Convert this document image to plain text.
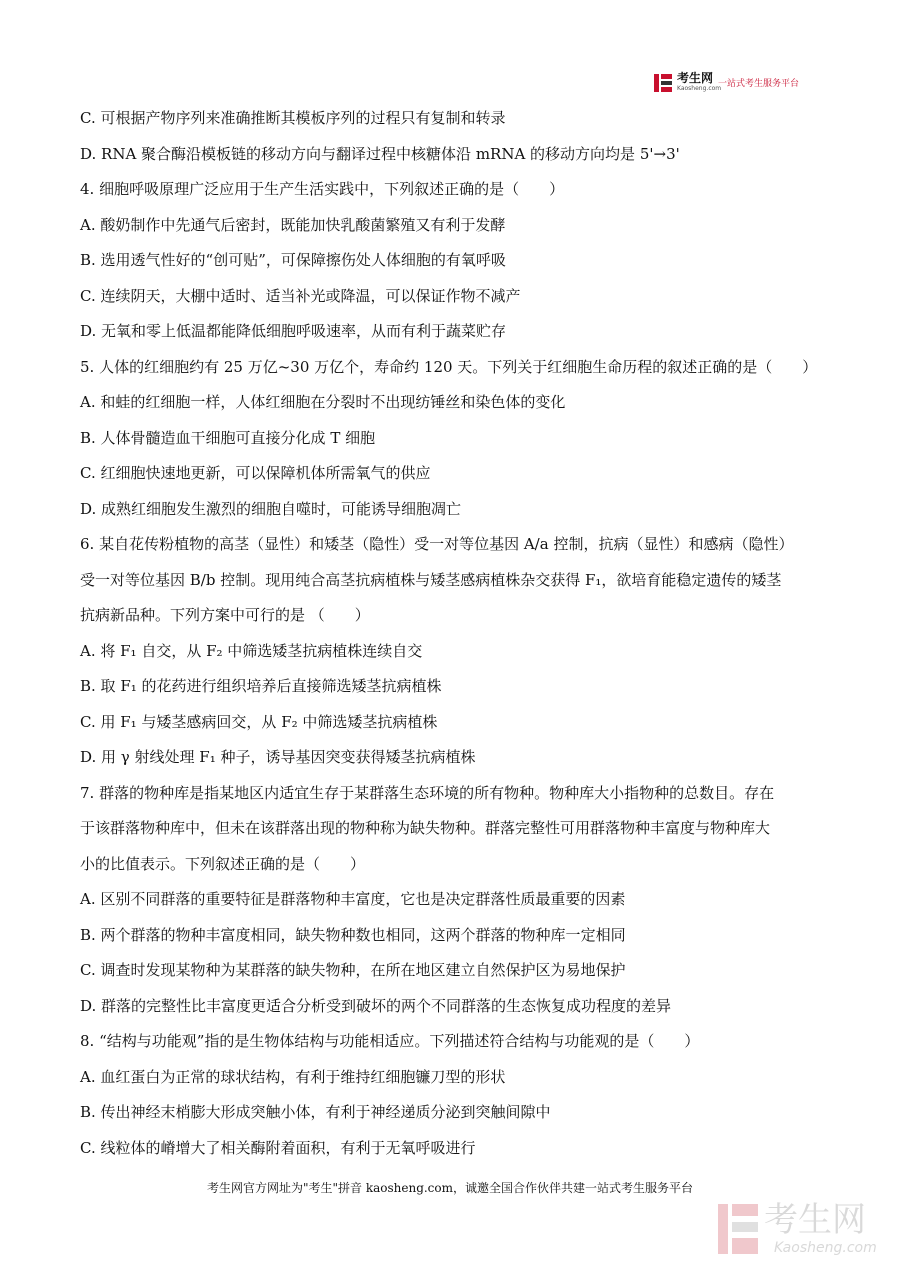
考生网
Kaosheng.com
一站式考生服务平台
C. 可根据产物序列来准确推断其模板序列的过程只有复制和转录
D. RNA 聚合酶沿模板链的移动方向与翻译过程中核糖体沿 mRNA 的移动方向均是 5'→3'
4. 细胞呼吸原理广泛应用于生产生活实践中，下列叙述正确的是（　　）
A. 酸奶制作中先通气后密封，既能加快乳酸菌繁殖又有利于发酵
B. 选用透气性好的“创可贴”，可保障擦伤处人体细胞的有氧呼吸
C. 连续阴天，大棚中适时、适当补光或降温，可以保证作物不减产
D. 无氧和零上低温都能降低细胞呼吸速率，从而有利于蔬菜贮存
5. 人体的红细胞约有 25 万亿~30 万亿个，寿命约 120 天。下列关于红细胞生命历程的叙述正确的是（　　）
A. 和蛙的红细胞一样，人体红细胞在分裂时不出现纺锤丝和染色体的变化
B. 人体骨髓造血干细胞可直接分化成 T 细胞
C. 红细胞快速地更新，可以保障机体所需氧气的供应
D. 成熟红细胞发生激烈的细胞自噬时，可能诱导细胞凋亡
6. 某自花传粉植物的高茎（显性）和矮茎（隐性）受一对等位基因 A/a 控制，抗病（显性）和感病（隐性）
受一对等位基因 B/b 控制。现用纯合高茎抗病植株与矮茎感病植株杂交获得 F₁，欲培育能稳定遗传的矮茎
抗病新品种。下列方案中可行的是 （　　）
A. 将 F₁ 自交，从 F₂ 中筛选矮茎抗病植株连续自交
B. 取 F₁ 的花药进行组织培养后直接筛选矮茎抗病植株
C. 用 F₁ 与矮茎感病回交，从 F₂ 中筛选矮茎抗病植株
D. 用 γ 射线处理 F₁ 种子，诱导基因突变获得矮茎抗病植株
7. 群落的物种库是指某地区内适宜生存于某群落生态环境的所有物种。物种库大小指物种的总数目。存在
于该群落物种库中，但未在该群落出现的物种称为缺失物种。群落完整性可用群落物种丰富度与物种库大
小的比值表示。下列叙述正确的是（　　）
A. 区别不同群落的重要特征是群落物种丰富度，它也是决定群落性质最重要的因素
B. 两个群落的物种丰富度相同，缺失物种数也相同，这两个群落的物种库一定相同
C. 调查时发现某物种为某群落的缺失物种，在所在地区建立自然保护区为易地保护
D. 群落的完整性比丰富度更适合分析受到破坏的两个不同群落的生态恢复成功程度的差异
8. “结构与功能观”指的是生物体结构与功能相适应。下列描述符合结构与功能观的是（　　）
A. 血红蛋白为正常的球状结构，有利于维持红细胞镰刀型的形状
B. 传出神经末梢膨大形成突触小体，有利于神经递质分泌到突触间隙中
C. 线粒体的嵴增大了相关酶附着面积，有利于无氧呼吸进行
考生网官方网址为"考生"拼音 kaosheng.com，诚邀全国合作伙伴共建一站式考生服务平台
考生网
Kaosheng.com
